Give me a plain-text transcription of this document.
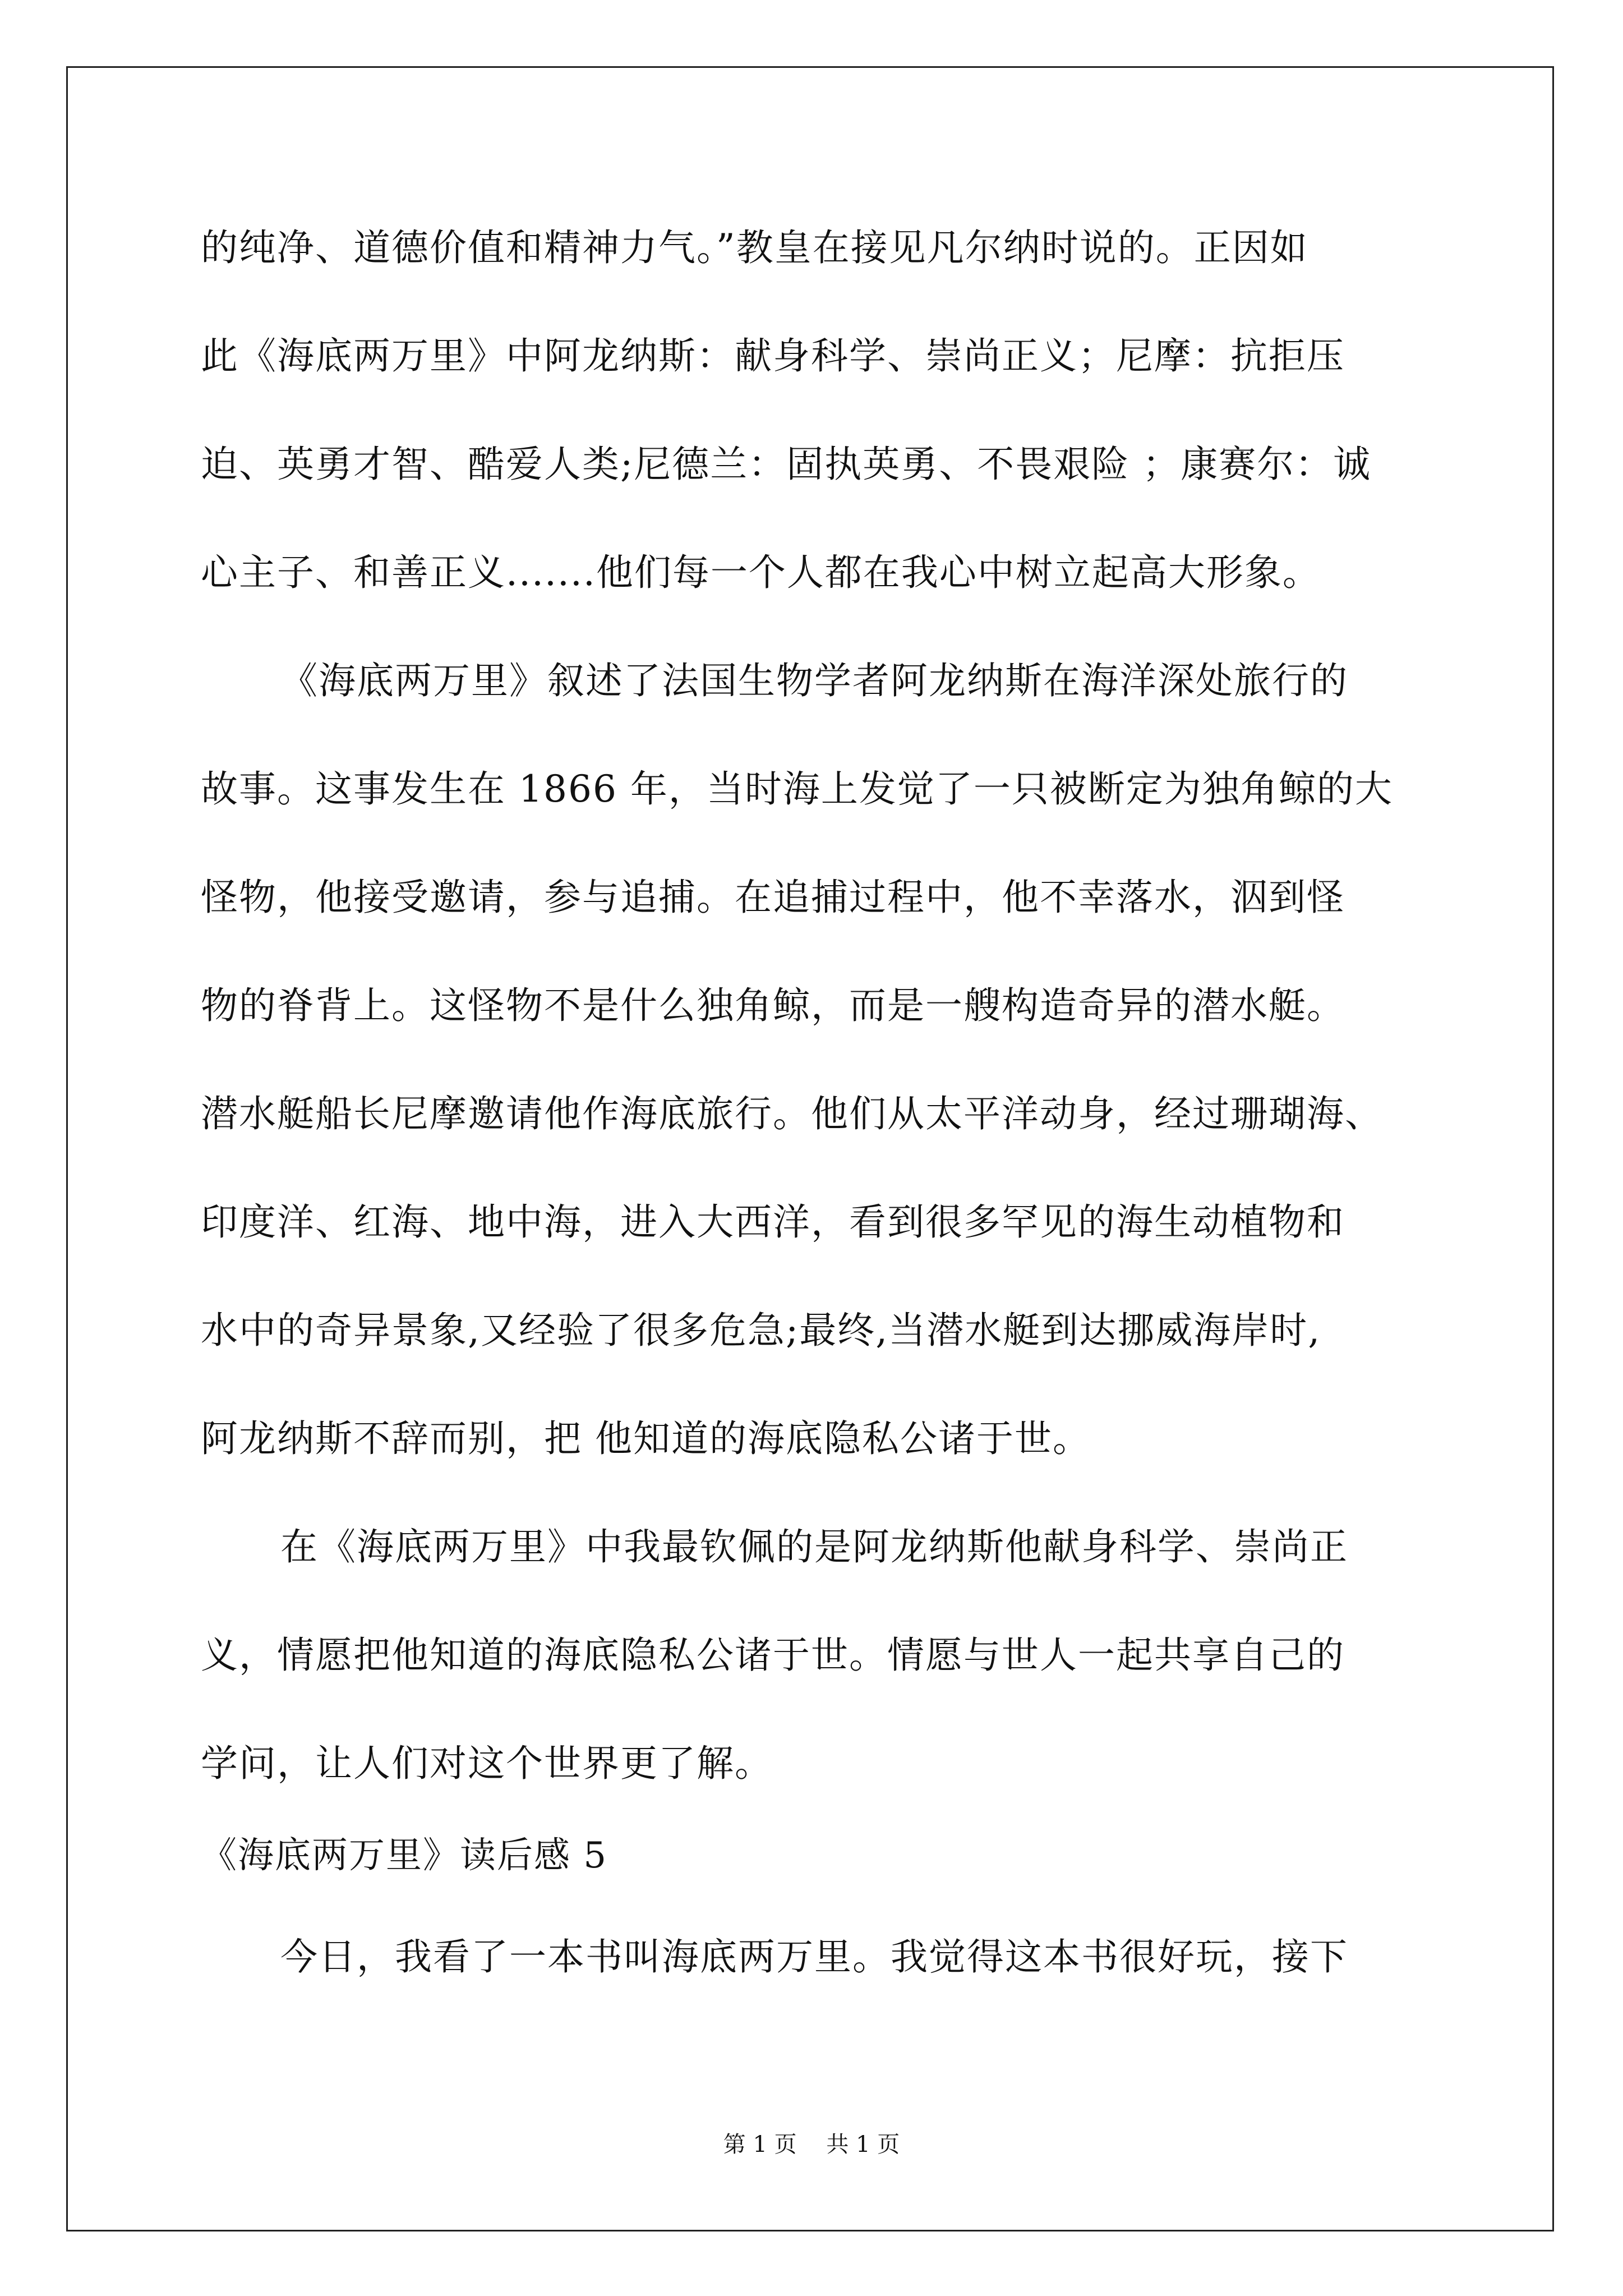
的纯净、道德价值和精神力气。”教皇在接见凡尔纳时说的。正因如
此《海底两万里》中阿龙纳斯：献身科学、崇尚正义；尼摩：抗拒压
迫、英勇才智、酷爱人类;尼德兰：固执英勇、不畏艰险 ；康赛尔：诚
心主子、和善正义.......他们每一个人都在我心中树立起高大形象。
《海底两万里》叙述了法国生物学者阿龙纳斯在海洋深处旅行的
故事。这事发生在 1866 年，当时海上发觉了一只被断定为独角鲸的大
怪物，他接受邀请，参与追捕。在追捕过程中，他不幸落水，泅到怪
物的脊背上。这怪物不是什么独角鲸，而是一艘构造奇异的潜水艇。
潜水艇船长尼摩邀请他作海底旅行。他们从太平洋动身，经过珊瑚海、
印度洋、红海、地中海，进入大西洋，看到很多罕见的海生动植物和
水中的奇异景象,又经验了很多危急;最终,当潜水艇到达挪威海岸时,
阿龙纳斯不辞而别，把 他知道的海底隐私公诸于世。
在《海底两万里》中我最钦佩的是阿龙纳斯他献身科学、崇尚正
义，情愿把他知道的海底隐私公诸于世。情愿与世人一起共享自己的
学问，让人们对这个世界更了解。
《海底两万里》读后感 5
今日，我看了一本书叫海底两万里。我觉得这本书很好玩，接下
第 1 页 共 1 页
